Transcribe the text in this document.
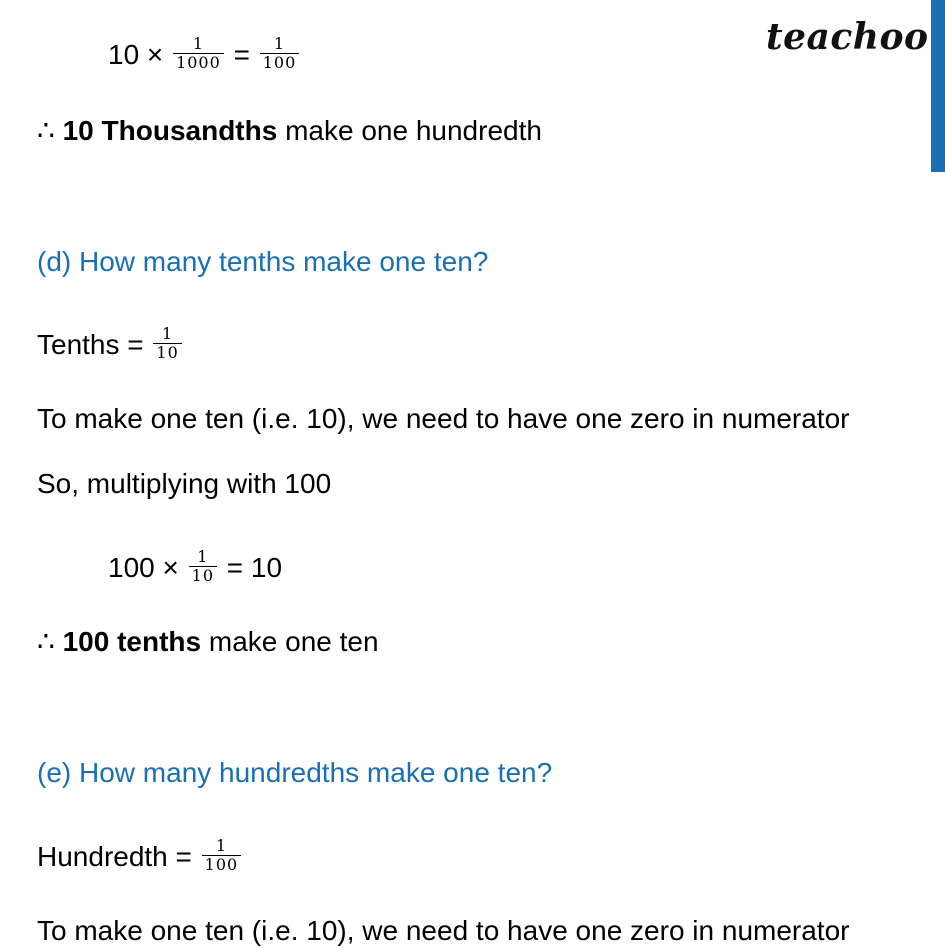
teachoo
$10 \times \frac{1}{1000} = \frac{1}{100}$
∴ 10 Thousandths make one hundredth
(d) How many tenths make one ten?
Tenths = $\frac{1}{10}$
To make one ten (i.e. 10), we need to have one zero in numerator
So, multiplying with 100
$100 \times \frac{1}{10} = 10$
∴ 100 tenths make one ten
(e) How many hundredths make one ten?
Hundredth = $\frac{1}{100}$
To make one ten (i.e. 10), we need to have one zero in numerator
